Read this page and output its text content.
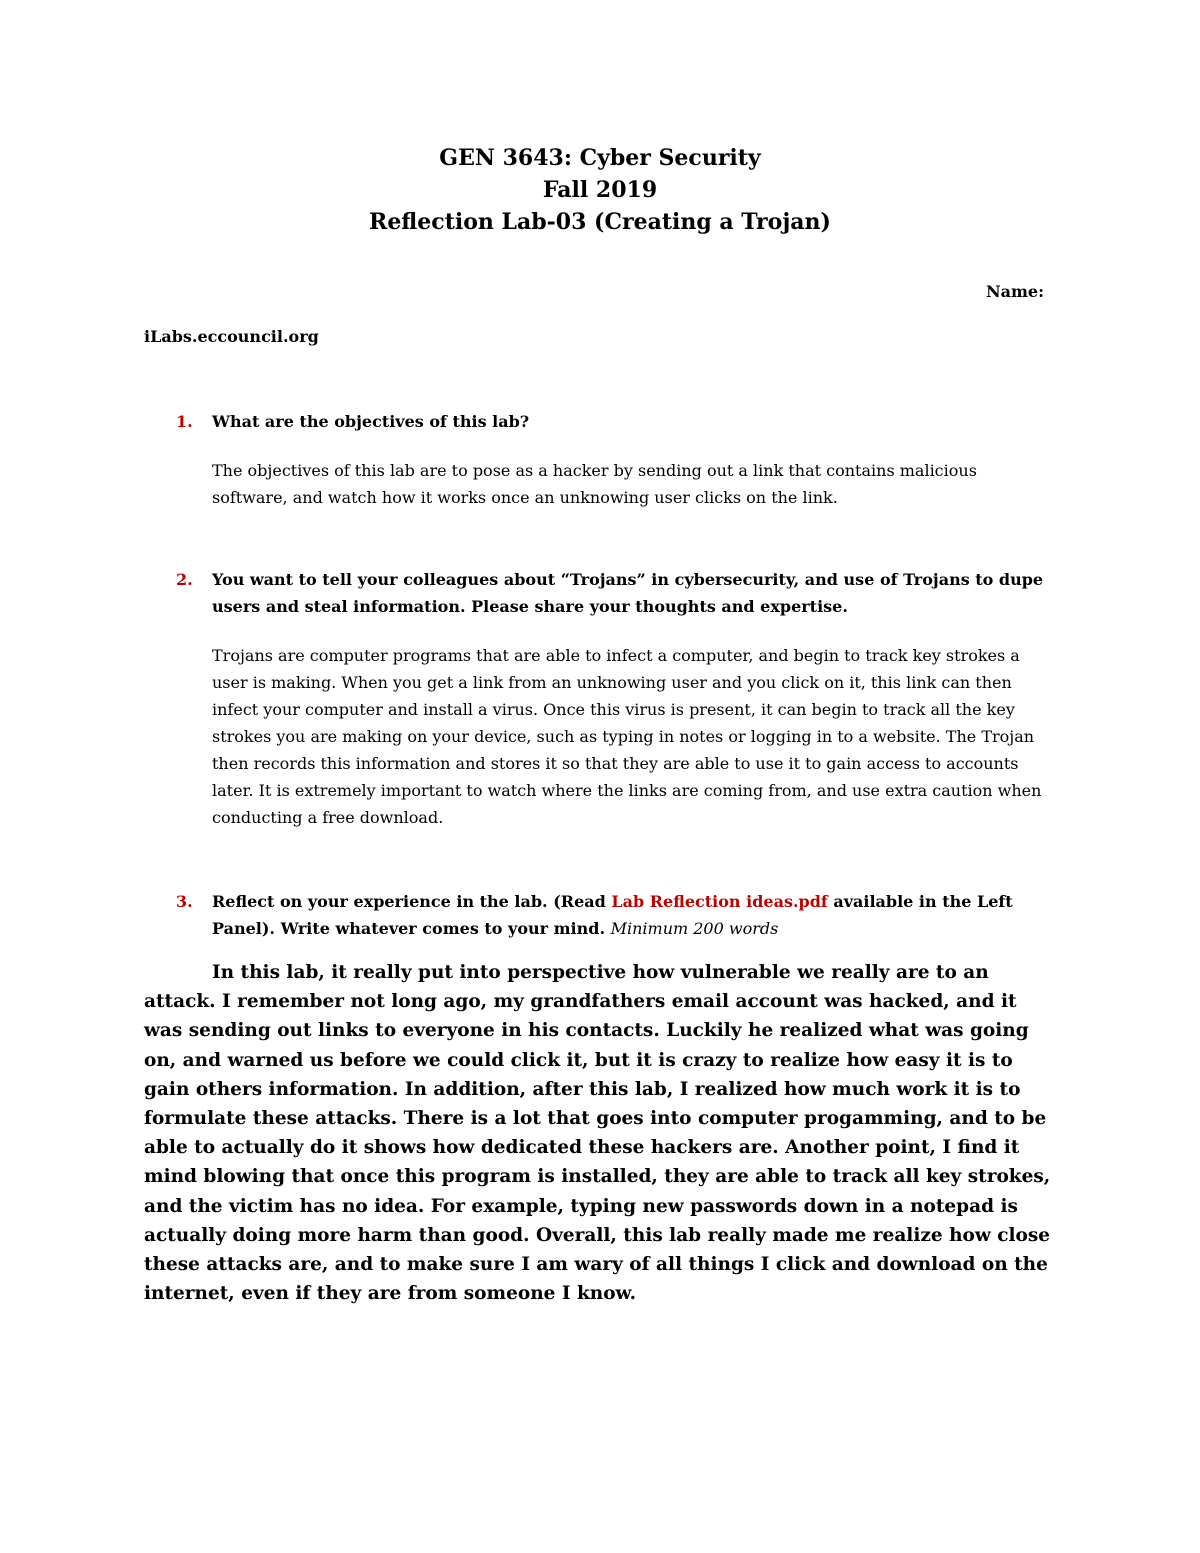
GEN 3643: Cyber Security
Fall 2019
Reflection Lab-03 (Creating a Trojan)
Name:
iLabs.eccouncil.org
1. What are the objectives of this lab?
The objectives of this lab are to pose as a hacker by sending out a link that contains malicious software, and watch how it works once an unknowing user clicks on the link.
2. You want to tell your colleagues about “Trojans” in cybersecurity, and use of Trojans to dupe users and steal information. Please share your thoughts and expertise.
Trojans are computer programs that are able to infect a computer, and begin to track key strokes a user is making. When you get a link from an unknowing user and you click on it, this link can then infect your computer and install a virus. Once this virus is present, it can begin to track all the key strokes you are making on your device, such as typing in notes or logging in to a website. The Trojan then records this information and stores it so that they are able to use it to gain access to accounts later. It is extremely important to watch where the links are coming from, and use extra caution when conducting a free download.
3. Reflect on your experience in the lab. (Read Lab Reflection ideas.pdf available in the Left Panel). Write whatever comes to your mind. Minimum 200 words
In this lab, it really put into perspective how vulnerable we really are to an attack. I remember not long ago, my grandfathers email account was hacked, and it was sending out links to everyone in his contacts. Luckily he realized what was going on, and warned us before we could click it, but it is crazy to realize how easy it is to gain others information. In addition, after this lab, I realized how much work it is to formulate these attacks. There is a lot that goes into computer progamming, and to be able to actually do it shows how dedicated these hackers are. Another point, I find it mind blowing that once this program is installed, they are able to track all key strokes, and the victim has no idea. For example, typing new passwords down in a notepad is actually doing more harm than good. Overall, this lab really made me realize how close these attacks are, and to make sure I am wary of all things I click and download on the internet, even if they are from someone I know.
